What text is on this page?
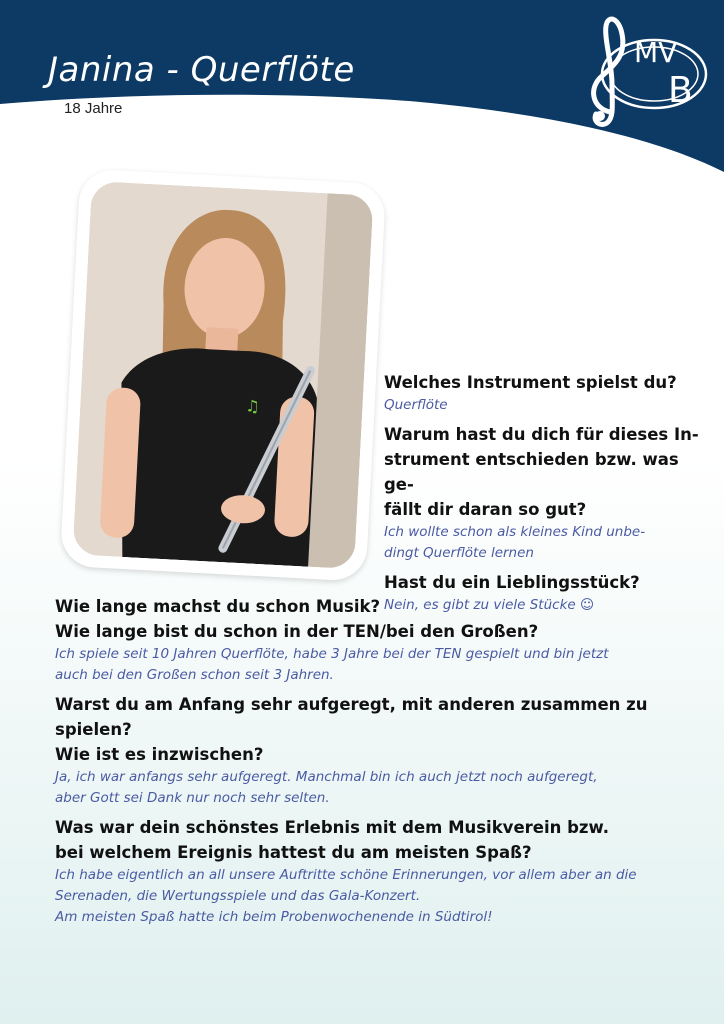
Janina - Querflöte
18 Jahre
MV
B
♫

Welches Instrument spielst du?

Querflöte

Warum hast du dich für dieses In-

strument entschieden bzw. was ge-

fällt dir daran so gut?

Ich wollte schon als kleines Kind unbe-

dingt Querflöte lernen

Hast du ein Lieblingsstück?

Nein, es gibt zu viele Stücke ☺

Wie lange machst du schon Musik?

Wie lange bist du schon in der TEN/bei den Großen?

Ich spiele seit 10 Jahren Querflöte, habe 3 Jahre bei der TEN gespielt und bin jetzt

auch bei den Großen schon seit 3 Jahren.

Warst du am Anfang sehr aufgeregt, mit anderen zusammen zu spielen?

Wie ist es inzwischen?

Ja, ich war anfangs sehr aufgeregt. Manchmal bin ich auch jetzt noch aufgeregt,

aber Gott sei Dank nur noch sehr selten.

Was war dein schönstes Erlebnis mit dem Musikverein bzw.

bei welchem Ereignis hattest du am meisten Spaß?

Ich habe eigentlich an all unsere Auftritte schöne Erinnerungen, vor allem aber an die

Serenaden, die Wertungsspiele und das Gala-Konzert.

Am meisten Spaß hatte ich beim Probenwochenende in Südtirol!
